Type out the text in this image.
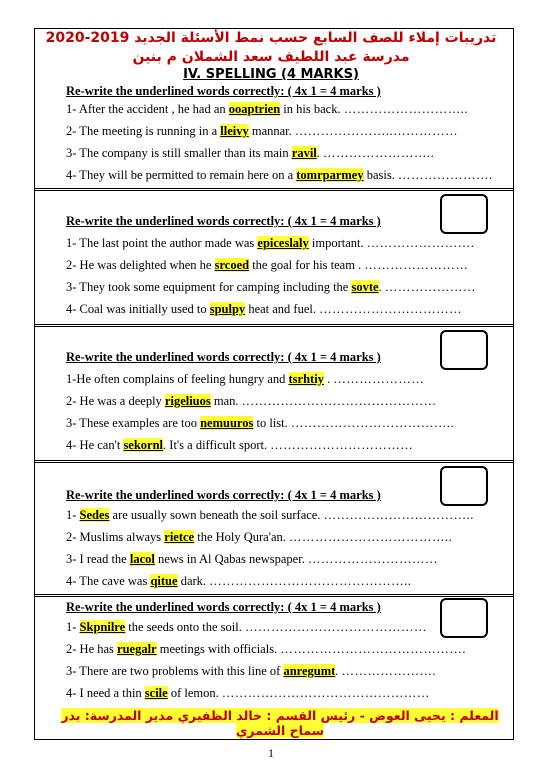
تدريبات إملاء للصف السابع حسب نمط الأسئلة الجديد 2019-2020
مدرسة عبد اللطيف سعد الشملان م بنين
IV. SPELLING (4 MARKS)
Re-write the underlined words correctly: ( 4x 1 = 4 marks )
1- After the accident , he had an ooaptrien in his back. ………………………..
2- The meeting is running in a lleivy mannar. …………………..……………
3- The company is still smaller than its main ravil. ……………………..
4- They will be permitted to remain here on a tomrparmey basis. ………………….
Re-write the underlined words correctly: ( 4x 1 = 4 marks )
1- The last point the author made was epiceslaly important. …………………….
2- He was delighted when he srcoed the goal for his team . ……………………
3- They took some equipment for camping including the sovte. …………………
4- Coal was initially used to spulpy heat and fuel. ……………………………
Re-write the underlined words correctly: ( 4x 1 = 4 marks )
1-He often complains of feeling hungry and tsrhtiy . …………………
2- He was a deeply rigeliuos man. ………………………………………
3- These examples are too nemuuros to list. ………………………………..
4- He can't sekornl. It's a difficult sport. ……………………………
Re-write the underlined words correctly: ( 4x 1 = 4 marks )
1- Sedes are usually sown beneath the soil surface. ……………………………..
2- Muslims always rietce the Holy Qura'an. ………………………………..
3- I read the lacol news in Al Qabas newspaper. …………………………
4- The cave was qitue dark. ………………………………………..
Re-write the underlined words correctly: ( 4x 1 = 4 marks )
1- Skpnilre the seeds onto the soil. ……………………………………
2- He has ruegalr meetings with officials. …………………………………….
3- There are two problems with this line of anregumt. ………………….
4- I need a thin scile of lemon. …………………………………………
المعلم : يحيى العوض - رئيس القسم : خالد الظفيري مدير المدرسة: بدر سماح الشمري
1
